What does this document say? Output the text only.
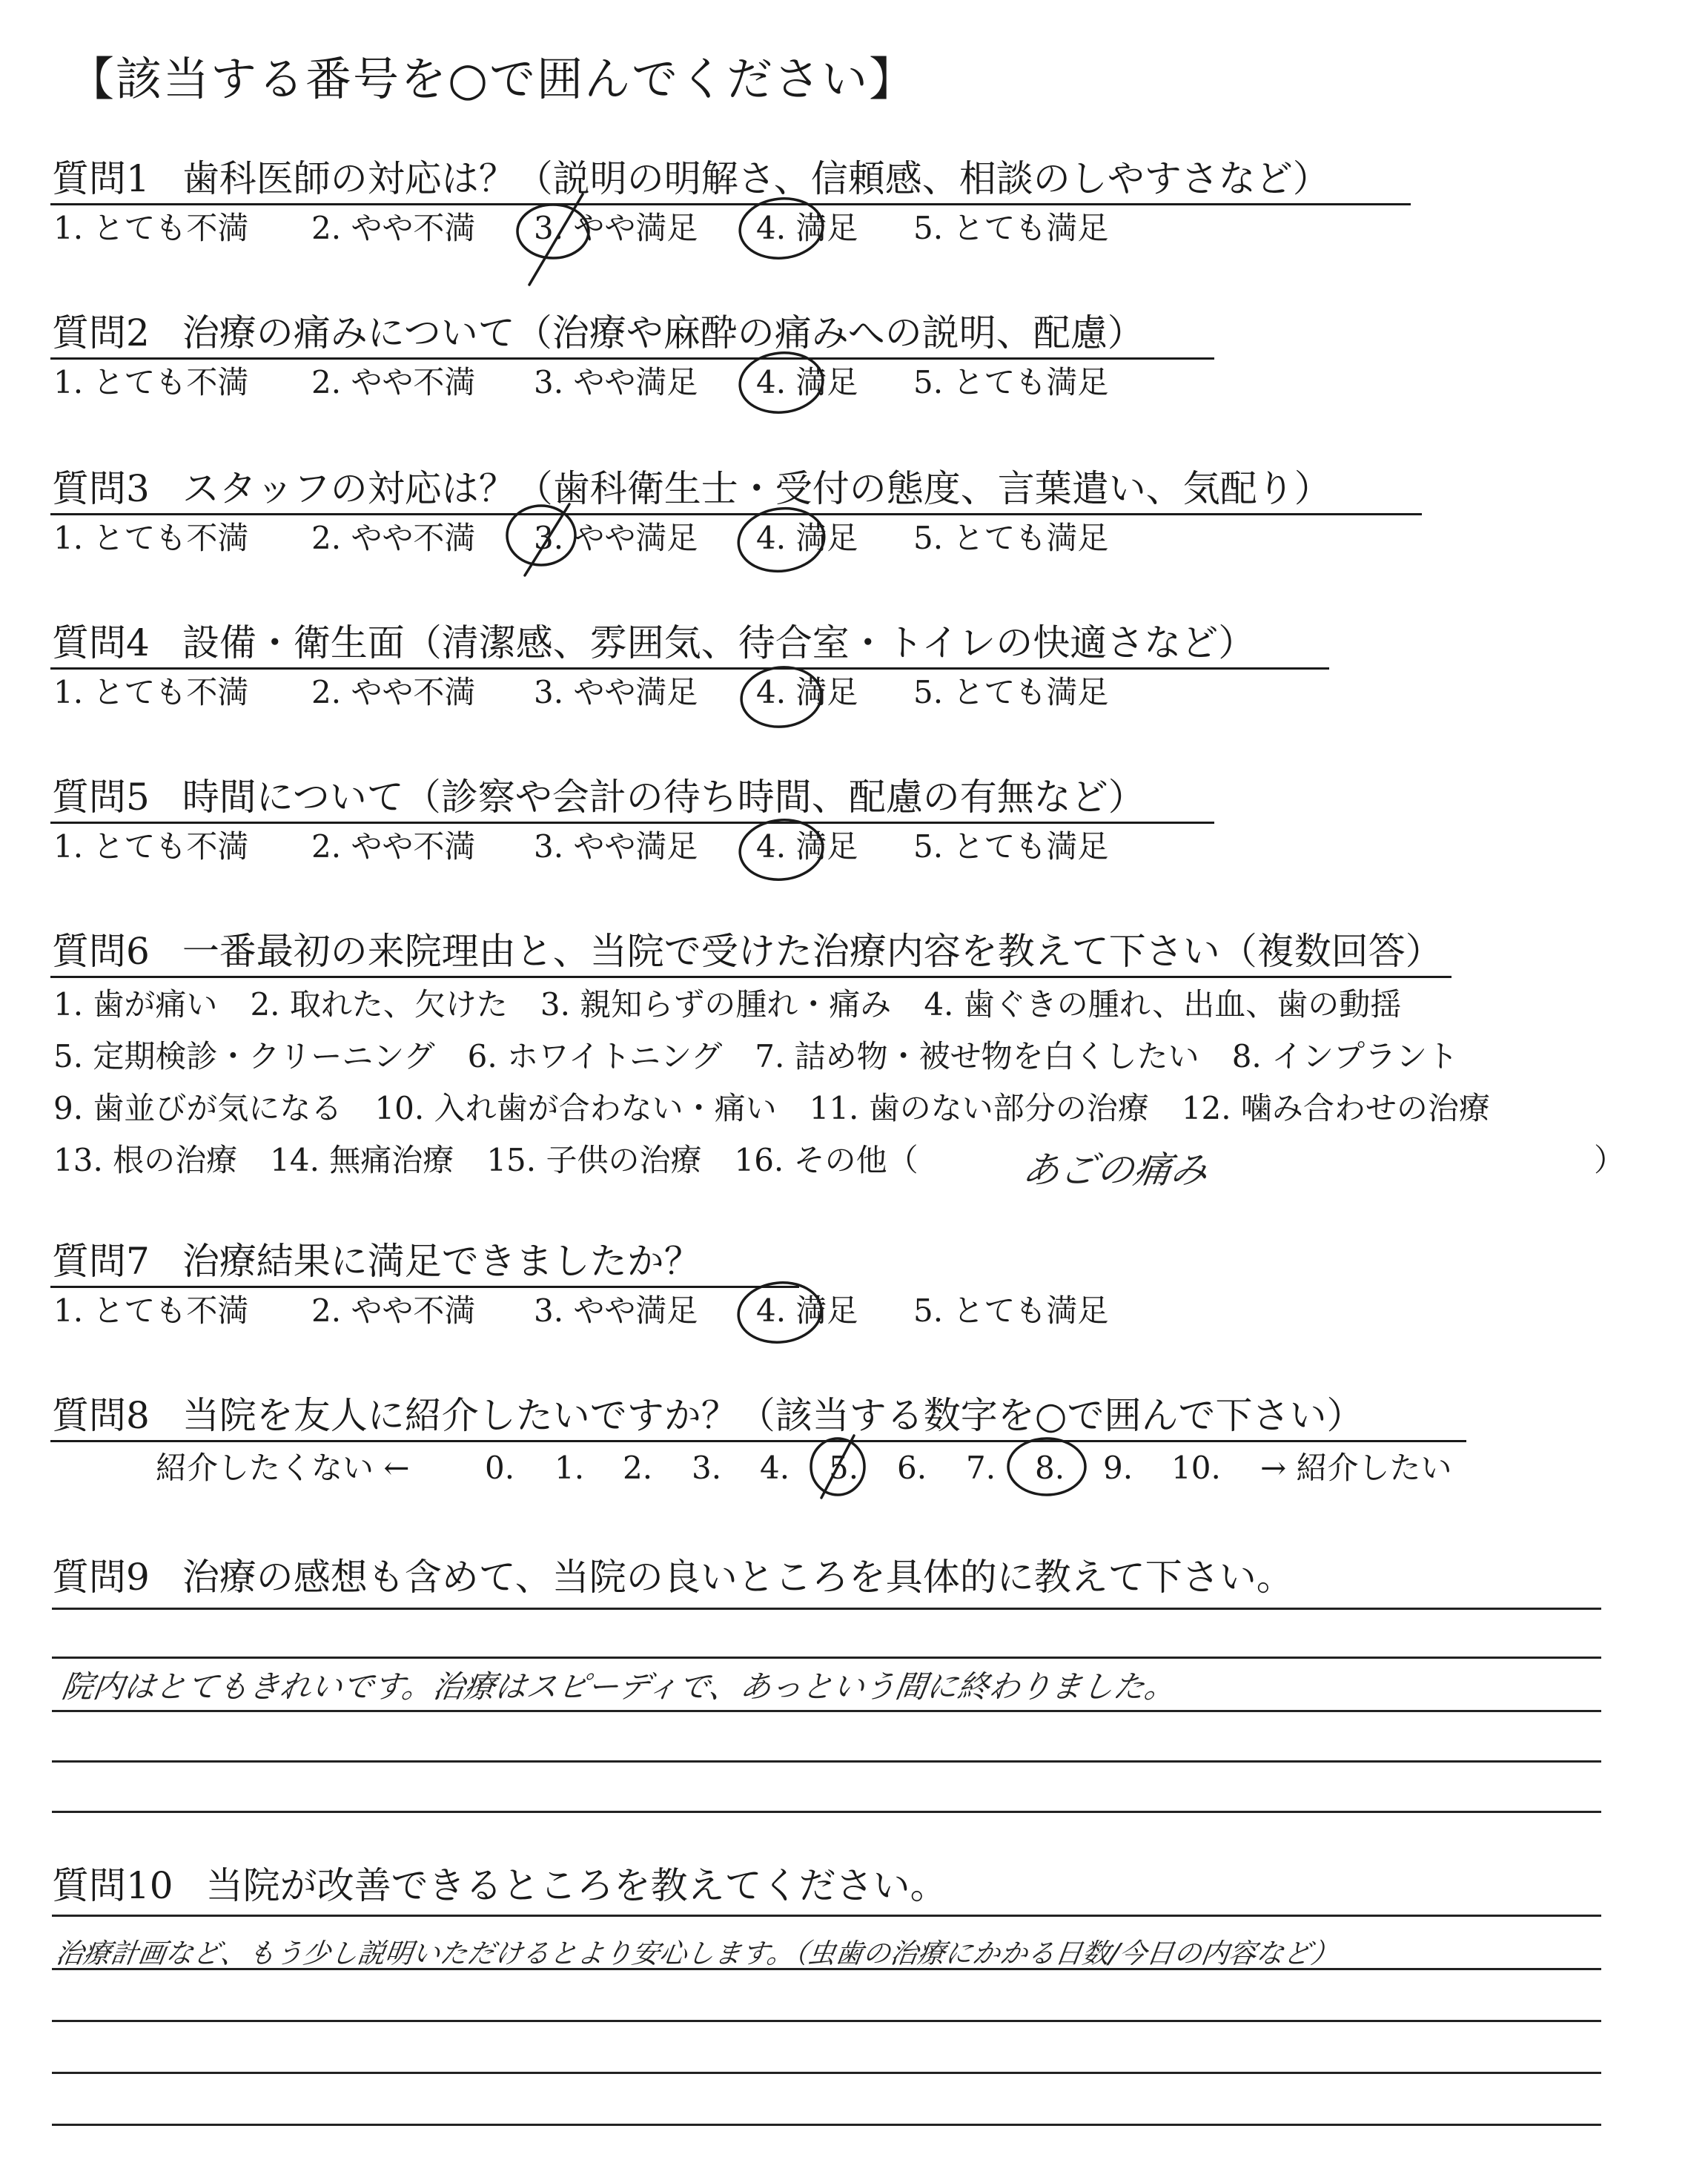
【該当する番号を○で囲んでください】
質問1 歯科医師の対応は？（説明の明解さ、信頼感、相談のしやすさなど）
1. とても不満 2. やや不満 3. やや満足 4. 満足 5. とても満足
質問2 治療の痛みについて（治療や麻酔の痛みへの説明、配慮）
1. とても不満 2. やや不満 3. やや満足 4. 満足 5. とても満足
質問3 スタッフの対応は？（歯科衛生士・受付の態度、言葉遣い、気配り）
1. とても不満 2. やや不満 3. やや満足 4. 満足 5. とても満足
質問4 設備・衛生面（清潔感、雰囲気、待合室・トイレの快適さなど）
1. とても不満 2. やや不満 3. やや満足 4. 満足 5. とても満足
質問5 時間について（診察や会計の待ち時間、配慮の有無など）
1. とても不満 2. やや不満 3. やや満足 4. 満足 5. とても満足
質問6 一番最初の来院理由と、当院で受けた治療内容を教えて下さい（複数回答）
1. 歯が痛い 2. 取れた、欠けた 3. 親知らずの腫れ・痛み 4. 歯ぐきの腫れ、出血、歯の動揺
5. 定期検診・クリーニング 6. ホワイトニング 7. 詰め物・被せ物を白くしたい 8. インプラント
9. 歯並びが気になる 10. 入れ歯が合わない・痛い 11. 歯のない部分の治療 12. 噛み合わせの治療
13. 根の治療 14. 無痛治療 15. 子供の治療 16. その他（	）
あごの痛み
質問7 治療結果に満足できましたか？
1. とても不満 2. やや不満 3. やや満足 4. 満足 5. とても満足
質問8 当院を友人に紹介したいですか？（該当する数字を○で囲んで下さい）
紹介したくない ← 0. 1. 2. 3. 4. 5. 6. 7. 8. 9. 10. → 紹介したい
質問9 治療の感想も含めて、当院の良いところを具体的に教えて下さい。
院内はとてもきれいです。治療はスピーディで、あっという間に終わりました。
質問10 当院が改善できるところを教えてください。
治療計画など、もう少し説明いただけるとより安心します。（虫歯の治療にかかる日数/今日の内容など）
